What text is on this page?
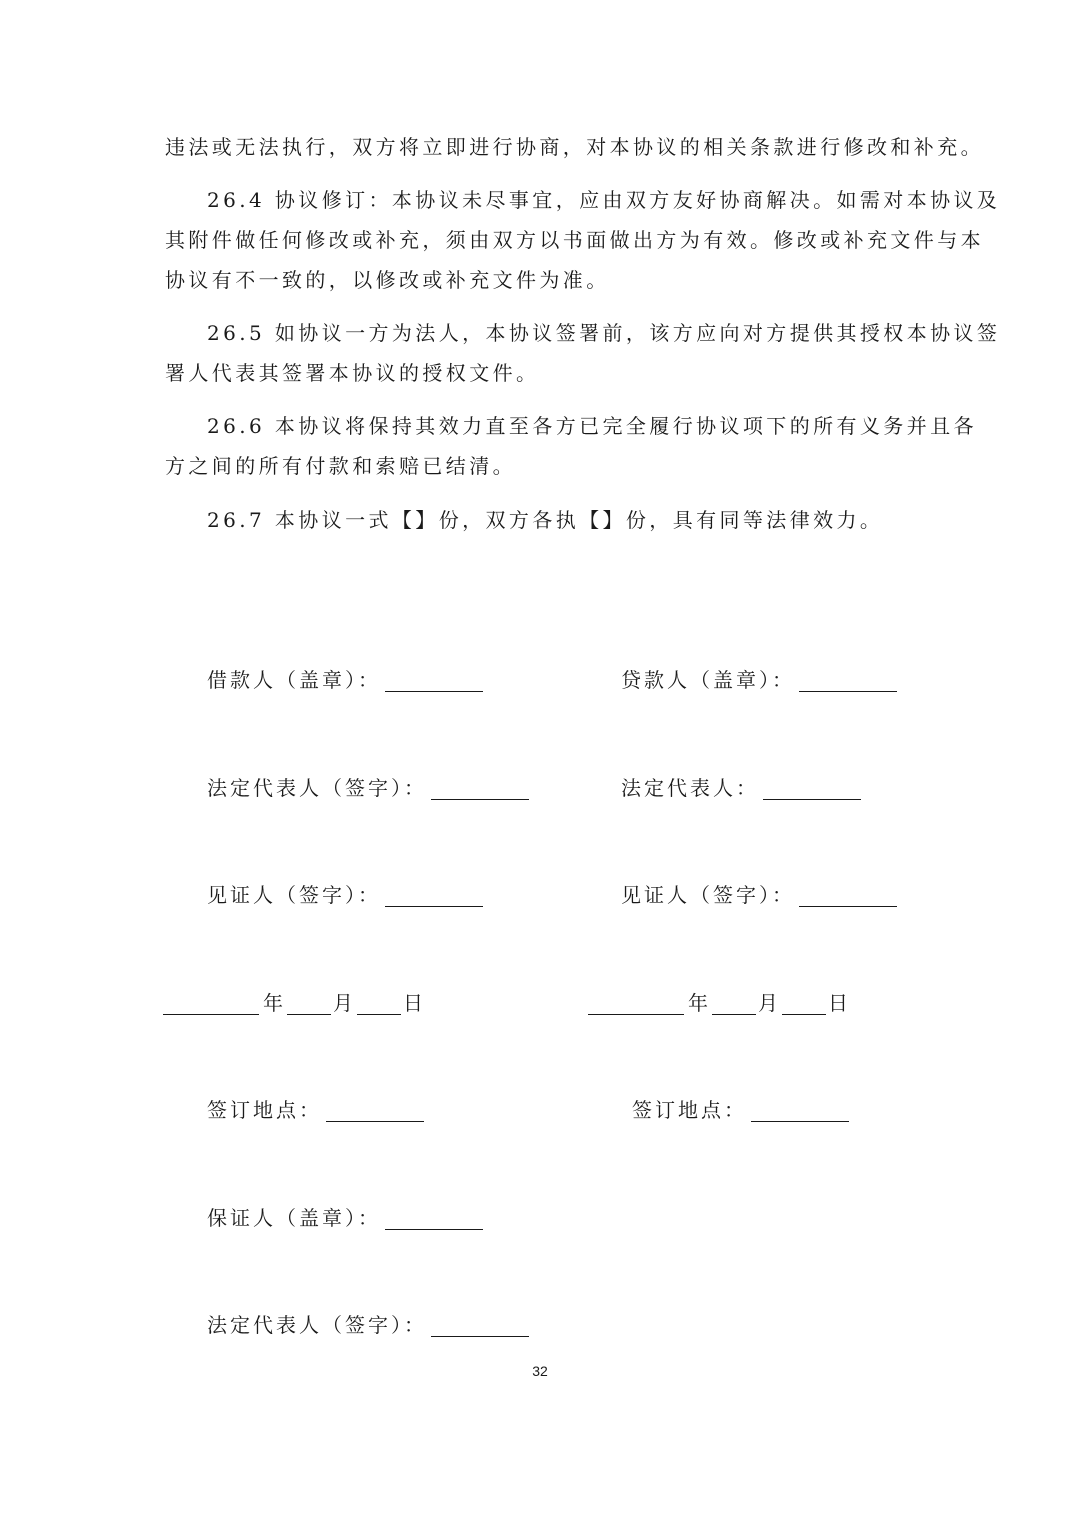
违法或无法执行，双方将立即进行协商，对本协议的相关条款进行修改和补充。
26.4 协议修订：本协议未尽事宜，应由双方友好协商解决。如需对本协议及
其附件做任何修改或补充，须由双方以书面做出方为有效。修改或补充文件与本
协议有不一致的，以修改或补充文件为准。
26.5 如协议一方为法人，本协议签署前，该方应向对方提供其授权本协议签
署人代表其签署本协议的授权文件。
26.6 本协议将保持其效力直至各方已完全履行协议项下的所有义务并且各
方之间的所有付款和索赔已结清。
26.7 本协议一式【】份，双方各执【】份，具有同等法律效力。
借款人（盖章）：	贷款人（盖章）：
法定代表人（签字）：	法定代表人：
见证人（签字）：	见证人（签字）：
年	月	日	年	月	日
签订地点：	签订地点：
保证人（盖章）：
法定代表人（签字）：
32
